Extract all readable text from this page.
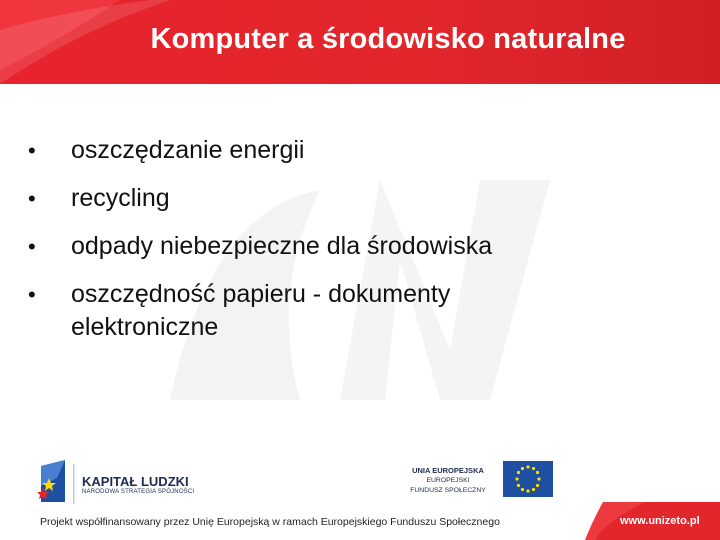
Komputer a środowisko naturalne
• oszczędzanie energii
• recycling
• odpady niebezpieczne dla środowiska
• oszczędność papieru - dokumenty elektroniczne
KAPITAŁ LUDZKI
NARODOWA STRATEGIA SPÓJNOŚCI
UNIA EUROPEJSKA
EUROPEJSKI
FUNDUSZ SPOŁECZNY
Projekt współfinansowany przez Unię Europejską w ramach Europejskiego Funduszu Społecznego	www.unizeto.pl
